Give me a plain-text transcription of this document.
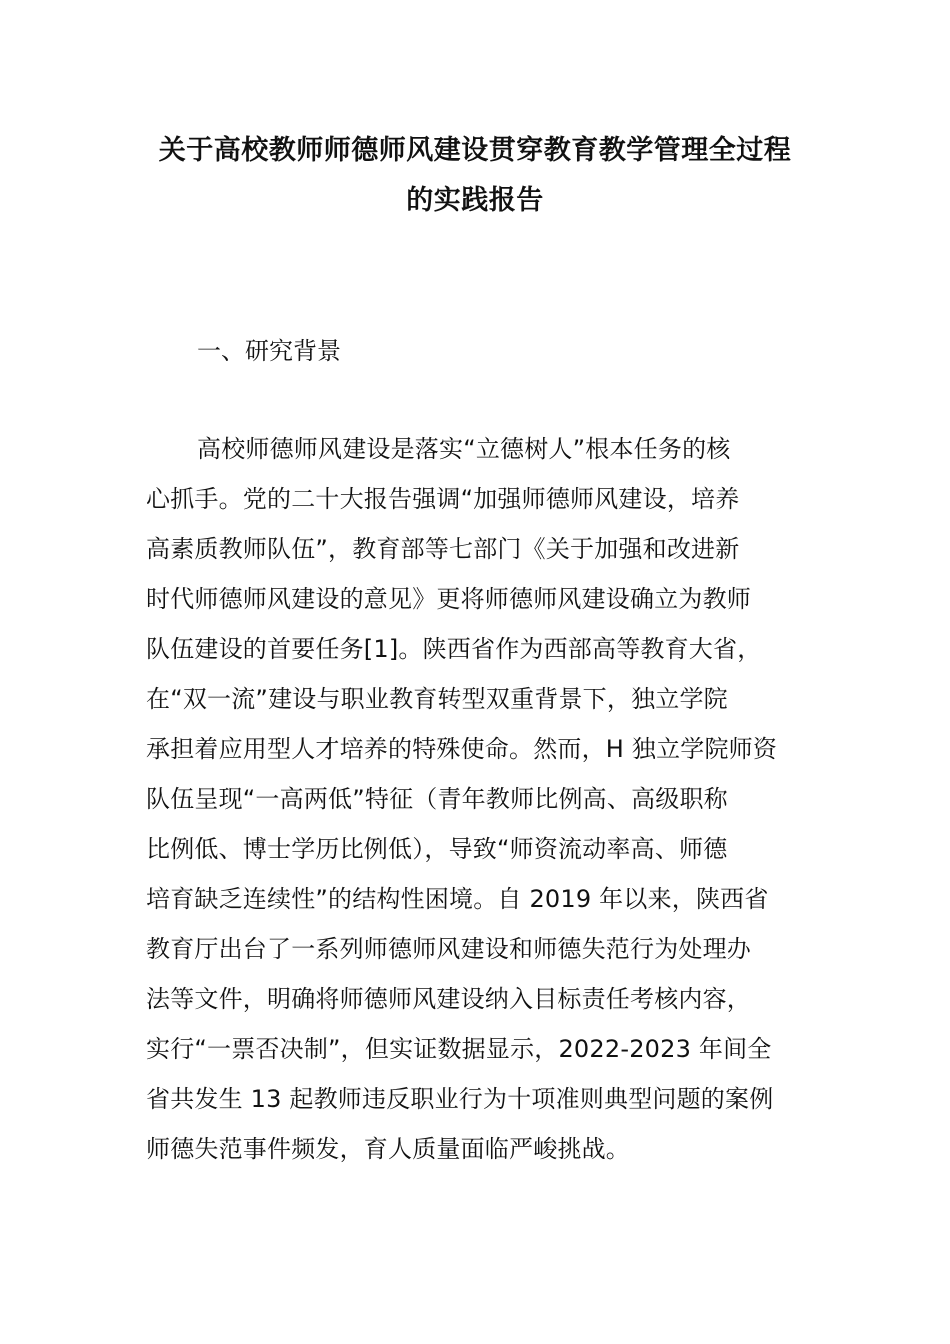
关于高校教师师德师风建设贯穿教育教学管理全过程
的实践报告
一、研究背景
高校师德师风建设是落实“立德树人”根本任务的核
心抓手。党的二十大报告强调“加强师德师风建设，培养
高素质教师队伍”，教育部等七部门《关于加强和改进新
时代师德师风建设的意见》更将师德师风建设确立为教师
队伍建设的首要任务[1]。陕西省作为西部高等教育大省，
在“双一流”建设与职业教育转型双重背景下，独立学院
承担着应用型人才培养的特殊使命。然而，H 独立学院师资
队伍呈现“一高两低”特征（青年教师比例高、高级职称
比例低、博士学历比例低），导致“师资流动率高、师德
培育缺乏连续性”的结构性困境。自 2019 年以来，陕西省
教育厅出台了一系列师德师风建设和师德失范行为处理办
法等文件，明确将师德师风建设纳入目标责任考核内容，
实行“一票否决制”，但实证数据显示，2022-2023 年间全
省共发生 13 起教师违反职业行为十项准则典型问题的案例
师德失范事件频发，育人质量面临严峻挑战。
